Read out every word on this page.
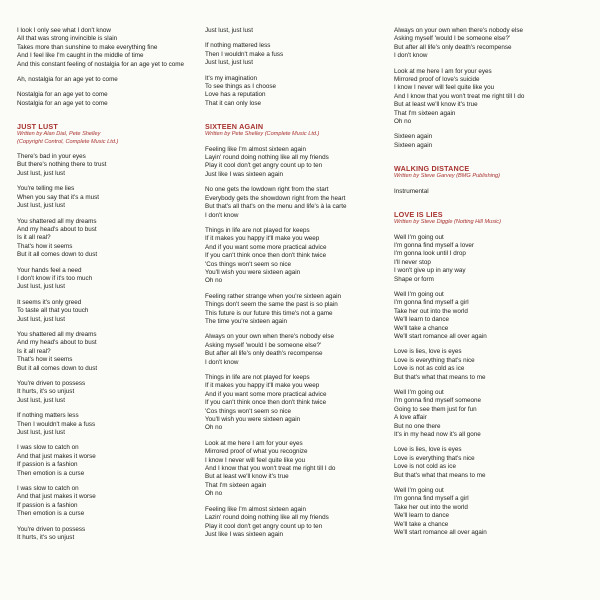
I look I only see what I don't know
All that was strong invincible is slain
Takes more than sunshine to make everything fine
And I feel like I'm caught in the middle of time
And this constant feeling of nostalgia for an age yet to come
Ah, nostalgia for an age yet to come
Nostalgia for an age yet to come
Nostalgia for an age yet to come
JUST LUST
Written by Alan Dial, Pete Shelley
(Copyright Control, Complete Music Ltd.)
There's bad in your eyes
But there's nothing there to trust
Just lust, just lust
You're telling me lies
When you say that it's a must
Just lust, just lust
You shattered all my dreams
And my head's about to bust
Is it all real?
That's how it seems
But it all comes down to dust
Your hands feel a need
I don't know if it's too much
Just lust, just lust
It seems it's only greed
To taste all that you touch
Just lust, just lust
You shattered all my dreams
And my head's about to bust
Is it all real?
That's how it seems
But it all comes down to dust
You're driven to possess
It hurts, it's so unjust
Just lust, just lust
If nothing matters less
Then I wouldn't make a fuss
Just lust, just lust
I was slow to catch on
And that just makes it worse
If passion is a fashion
Then emotion is a curse
I was slow to catch on
And that just makes it worse
If passion is a fashion
Then emotion is a curse
You're driven to possess
It hurts, it's so unjust
Just lust, just lust
If nothing mattered less
Then I wouldn't make a fuss
Just lust, just lust
It's my imagination
To see things as I choose
Love has a reputation
That it can only lose
SIXTEEN AGAIN
Written by Pete Shelley (Complete Music Ltd.)
Feeling like I'm almost sixteen again
Layin' round doing nothing like all my friends
Play it cool don't get angry count up to ten
Just like I was sixteen again
No one gets the lowdown right from the start
Everybody gets the showdown right from the heart
But that's all that's on the menu and life's à la carte
I don't know
Things in life are not played for keeps
If it makes you happy it'll make you weep
And if you want some more practical advice
If you can't think once then don't think twice
'Cos things won't seem so nice
You'll wish you were sixteen again
Oh no
Feeling rather strange when you're sixteen again
Things don't seem the same the past is so plain
This future is our future this time's not a game
The time you're sixteen again
Always on your own when there's nobody else
Asking myself 'would I be someone else?'
But after all life's only death's recompense
I don't know
Things in life are not played for keeps
If it makes you happy it'll make you weep
And if you want some more practical advice
If you can't think once then don't think twice
'Cos things won't seem so nice
You'll wish you were sixteen again
Oh no
Look at me here I am for your eyes
Mirrored proof of what you recognize
I know I never will feel quite like you
And I know that you won't treat me right till I do
But at least we'll know it's true
That I'm sixteen again
Oh no
Feeling like I'm almost sixteen again
Lazin' round doing nothing like all my friends
Play it cool don't get angry count up to ten
Just like I was sixteen again
Always on your own when there's nobody else
Asking myself 'would I be someone else?'
But after all life's only death's recompense
I don't know
Look at me here I am for your eyes
Mirrored proof of love's suicide
I know I never will feel quite like you
And I know that you won't treat me right till I do
But at least we'll know it's true
That I'm sixteen again
Oh no
Sixteen again
Sixteen again
WALKING DISTANCE
Written by Steve Garvey (BMG Publishing)
Instrumental
LOVE IS LIES
Written by Steve Diggle (Notting Hill Music)
Well I'm going out
I'm gonna find myself a lover
I'm gonna look until I drop
I'll never stop
I won't give up in any way
Shape or form
Well I'm going out
I'm gonna find myself a girl
Take her out into the world
We'll learn to dance
We'll take a chance
We'll start romance all over again
Love is lies, love is eyes
Love is everything that's nice
Love is not as cold as ice
But that's what that means to me
Well I'm going out
I'm gonna find myself someone
Going to see them just for fun
A love affair
But no one there
It's in my head now it's all gone
Love is lies, love is eyes
Love is everything that's nice
Love is not cold as ice
But that's what that means to me
Well I'm going out
I'm gonna find myself a girl
Take her out into the world
We'll learn to dance
We'll take a chance
We'll start romance all over again
